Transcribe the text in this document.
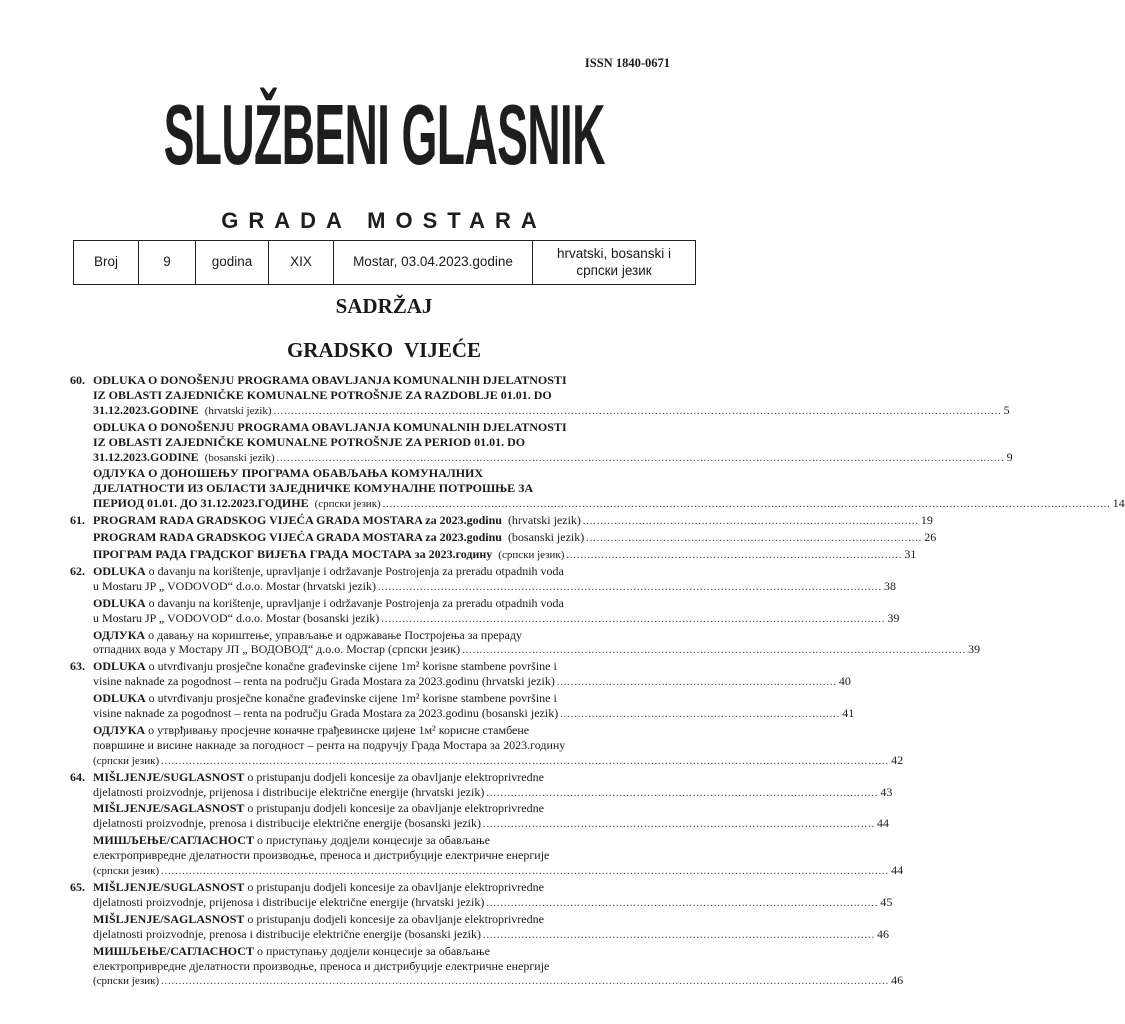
ISSN 1840-0671
SLUŽBENI GLASNIK
GRADA MOSTARA
Broj	9	godina	XIX	Mostar, 03.04.2023.godine	hrvatski, bosanski i
српски језик
SADRŽAJ
GRADSKO VIJEĆE
60. ODLUKA O DONOŠENJU PROGRAMA OBAVLJANJA KOMUNALNIH DJELATNOSTI
IZ OBLASTI ZAJEDNIČKE KOMUNALNE POTROŠNJE ZA RAZDOBLJE 01.01. DO
31.12.2023.GODINE (hrvatski jezik) ................................................................................................................................................................................................................ 5
ODLUKA O DONOŠENJU PROGRAMA OBAVLJANJA KOMUNALNIH DJELATNOSTI
IZ OBLASTI ZAJEDNIČKE KOMUNALNE POTROŠNJE ZA PERIOD 01.01. DO
31.12.2023.GODINE (bosanski jezik) ................................................................................................................................................................................................................ 9
ОДЛУКА О ДОНОШЕЊУ ПРОГРАМА ОБАВЉАЊА КОМУНАЛНИХ
ДЈЕЛАТНОСТИ ИЗ ОБЛАСТИ ЗАЈЕДНИЧКЕ КОМУНАЛНЕ ПОТРОШЊЕ ЗА
ПЕРИОД 01.01. ДО 31.12.2023.ГОДИНЕ (српски језик) ................................................................................................................................................................................................................ 14
61. PROGRAM RADA GRADSKOG VIJEĆA GRADA MOSTARA za 2023.godinu (hrvatski jezik) ................................................................................................ 19
PROGRAM RADA GRADSKOG VIJEĆA GRADA MOSTARA za 2023.godinu (bosanski jezik) ................................................................................................ 26
ПРОГРАМ РАДА ГРАДСКОГ ВИЈЕЋА ГРАДА МОСТАРА за 2023.годину (српски језик) ................................................................................................ 31
62. ODLUKA o davanju na korištenje, upravljanje i održavanje Postrojenja za preradu otpadnih voda
u Mostaru JP „ VODOVOD“ d.o.o. Mostar (hrvatski jezik) ................................................................................................................................................ 38
ODLUKA o davanju na korištenje, upravljanje i održavanje Postrojenja za preradu otpadnih voda
u Mostaru JP „ VODOVOD“ d.o.o. Mostar (bosanski jezik) ................................................................................................................................................ 39
ОДЛУКА о давању на кориштење, управљање и одржавање Постројења за прераду
отпадних вода у Мостару ЈП „ ВОДОВОД“ д.о.о. Мостар (српски језик) ................................................................................................................................................ 39
63. ODLUKA o utvrđivanju prosječne konačne građevinske cijene 1m² korisne stambene površine i
visine naknade za pogodnost – renta na području Grada Mostara za 2023.godinu (hrvatski jezik) ................................................................................ 40
ODLUKA o utvrđivanju prosječne konačne građevinske cijene 1m² korisne stambene površine i
visine naknade za pogodnost – renta na području Grada Mostara za 2023.godinu (bosanski jezik) ................................................................................ 41
ОДЛУКА о утврђивању просјечне коначне грађевинске цијене 1м² корисне стамбене
површине и висине накнаде за погодност – рента на подручју Града Мостара за 2023.годину
(српски језик) ................................................................................................................................................................................................................ 42
64. MIŠLJENJE/SUGLASNOST o pristupanju dodjeli koncesije za obavljanje elektroprivredne
djelatnosti proizvodnje, prijenosa i distribucije električne energije (hrvatski jezik) ................................................................................................................ 43
MIŠLJENJE/SAGLASNOST o pristupanju dodjeli koncesije za obavljanje elektroprivredne
djelatnosti proizvodnje, prenosa i distribucije električne energije (bosanski jezik) ................................................................................................................ 44
МИШЉЕЊЕ/САГЛАСНОСТ о приступању додјели концесије за обављање
електропривредне дјелатности производње, преноса и дистрибуције електричне енергије
(српски језик) ................................................................................................................................................................................................................ 44
65. MIŠLJENJE/SUGLASNOST o pristupanju dodjeli koncesije za obavljanje elektroprivredne
djelatnosti proizvodnje, prijenosa i distribucije električne energije (hrvatski jezik) ................................................................................................................ 45
MIŠLJENJE/SAGLASNOST o pristupanju dodjeli koncesije za obavljanje elektroprivredne
djelatnosti proizvodnje, prenosa i distribucije električne energije (bosanski jezik) ................................................................................................................ 46
МИШЉЕЊЕ/САГЛАСНОСТ о приступању додјели концесије за обављање
електропривредне дјелатности производње, преноса и дистрибуције електричне енергије
(српски језик) ................................................................................................................................................................................................................ 46
